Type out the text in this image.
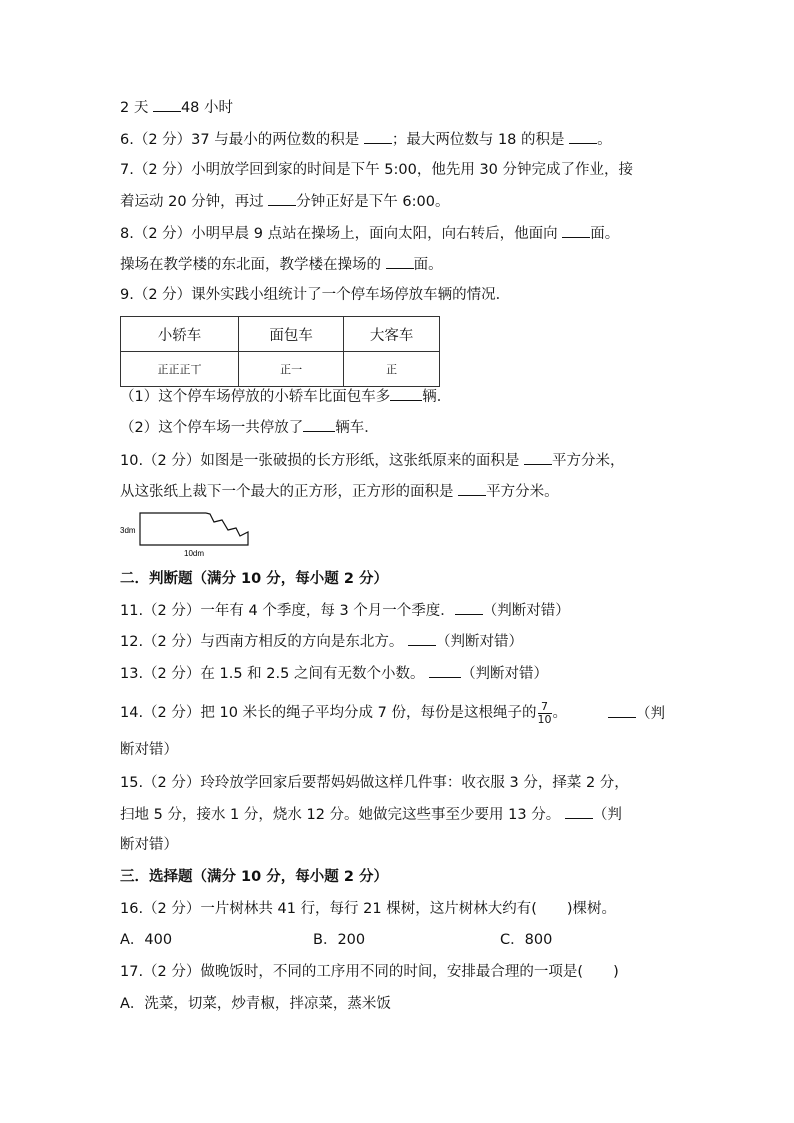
2 天 48 小时
6.（2 分）37 与最小的两位数的积是 ；最大两位数与 18 的积是 。
7.（2 分）小明放学回到家的时间是下午 5:00，他先用 30 分钟完成了作业，接
着运动 20 分钟，再过 分钟正好是下午 6:00。
8.（2 分）小明早晨 9 点站在操场上，面向太阳，向右转后，他面向 面。
操场在教学楼的东北面，教学楼在操场的 面。
9.（2 分）课外实践小组统计了一个停车场停放车辆的情况．
小轿车	面包车	大客车
正正正丅	正一	正
（1）这个停车场停放的小轿车比面包车多 辆．
（2）这个停车场一共停放了 辆车．
10.（2 分）如图是一张破损的长方形纸，这张纸原来的面积是 平方分米，
从这张纸上裁下一个最大的正方形，正方形的面积是 平方分米。
3dm
10dm
二．判断题（满分 10 分，每小题 2 分）
11.（2 分）一年有 4 个季度，每 3 个月一个季度． （判断对错）
12.（2 分）与西南方相反的方向是东北方。 （判断对错）
13.（2 分）在 1.5 和 2.5 之间有无数个小数。 （判断对错）
14.（2 分）把 10 米长的绳子平均分成 7 份，每份是这根绳子的 $\frac{7}{10}$ 。	（判
断对错）
15.（2 分）玲玲放学回家后要帮妈妈做这样几件事：收衣服 3 分，择菜 2 分，
扫地 5 分，接水 1 分，烧水 12 分。她做完这些事至少要用 13 分。 （判
断对错）
三．选择题（满分 10 分，每小题 2 分）
16.（2 分）一片树林共 41 行，每行 21 棵树，这片树林大约有( )棵树。
A．400	B．200	C．800
17.（2 分）做晚饭时，不同的工序用不同的时间，安排最合理的一项是( )
A．洗菜，切菜，炒青椒，拌凉菜，蒸米饭
